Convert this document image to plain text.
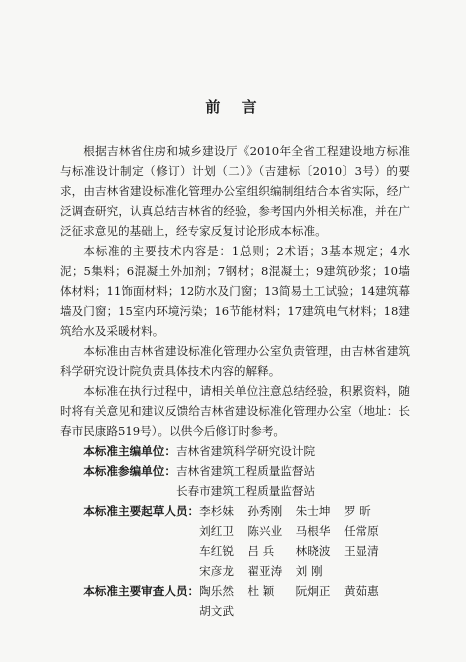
前 言

根据吉林省住房和城乡建设厅《2010年全省工程建设地方标准与标准设计制定（修订）计划（二）》（吉建标〔2010〕3号）的要求，由吉林省建设标准化管理办公室组织编制组结合本省实际，经广泛调查研究，认真总结吉林省的经验，参考国内外相关标准，并在广泛征求意见的基础上，经专家反复讨论形成本标准。

本标准的主要技术内容是：1总则；2术语；3基本规定；4水泥；5集料；6混凝土外加剂；7钢材；8混凝土；9建筑砂浆；10墙体材料；11饰面材料；12防水及门窗；13简易土工试验；14建筑幕墙及门窗；15室内环境污染；16节能材料；17建筑电气材料；18建筑给水及采暖材料。

本标准由吉林省建设标准化管理办公室负责管理，由吉林省建筑科学研究设计院负责具体技术内容的解释。

本标准在执行过程中，请相关单位注意总结经验，积累资料，随时将有关意见和建议反馈给吉林省建设标准化管理办公室（地址：长春市民康路519号）。以供今后修订时参考。

本标准主编单位： 吉林省建筑科学研究设计院
本标准参编单位： 吉林省建筑工程质量监督站
长春市建筑工程质量监督站
本标准主要起草人员： 李杉妹 孙秀刚 朱士坤 罗 昕
刘红卫 陈兴业 马根华 任常原
车红锐 吕 兵	林晓波 王显清
宋彦龙 翟亚涛 刘 刚
本标准主要审查人员： 陶乐然 杜 颖	阮炯正 黄茹惠
胡文武
